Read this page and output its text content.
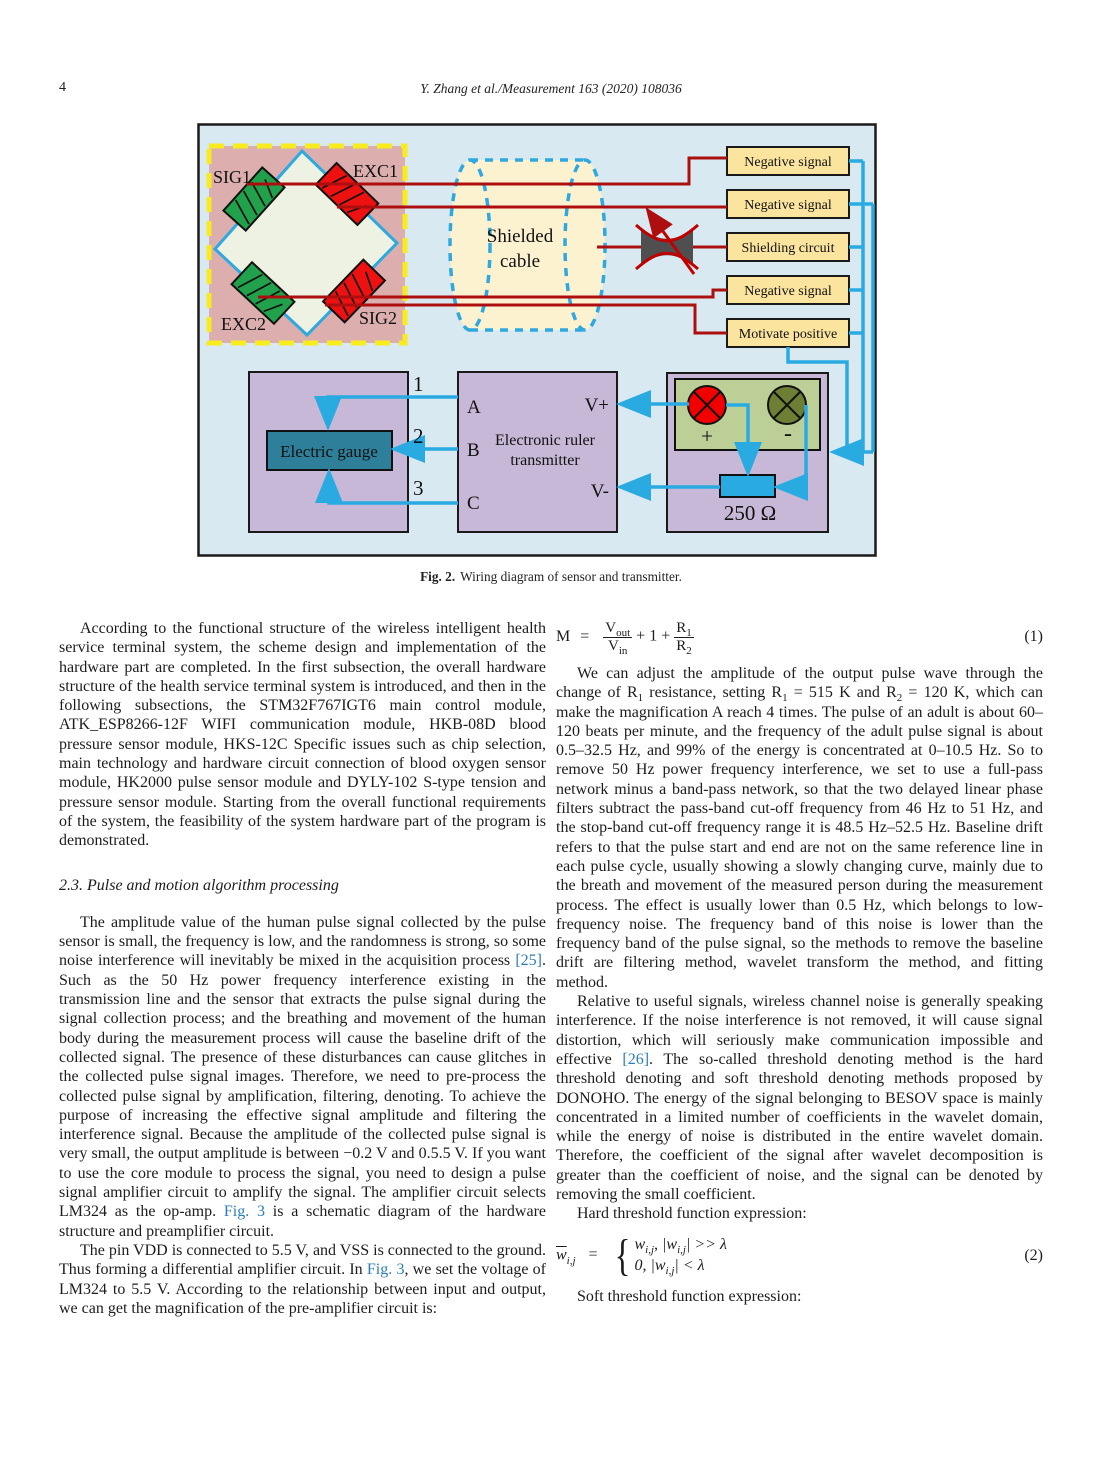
4	Y. Zhang et al./Measurement 163 (2020) 108036
SIG1	EXC1
EXC2	SIG2
Shielded
cable
Negative signal
Negative signal
Shielding circuit
Negative signal
Motivate positive
Electric gauge
1
2
3
A
B
C
V+
V-
Electronic ruler
transmitter
+	-
250 Ω
Fig. 2. Wiring diagram of sensor and transmitter.

According to the functional structure of the wireless intelligent health service terminal system, the scheme design and implementation of the hardware part are completed. In the first subsection, the overall hardware structure of the health service terminal system is introduced, and then in the following subsections, the STM32F767IGT6 main control module, ATK_ESP8266-12F WIFI communication module, HKB-08D blood pressure sensor module, HKS-12C Specific issues such as chip selection, main technology and hardware circuit connection of blood oxygen sensor module, HK2000 pulse sensor module and DYLY-102 S-type tension and pressure sensor module. Starting from the overall functional requirements of the system, the feasibility of the system hardware part of the program is demonstrated.

2.3. Pulse and motion algorithm processing

The amplitude value of the human pulse signal collected by the pulse sensor is small, the frequency is low, and the randomness is strong, so some noise interference will inevitably be mixed in the acquisition process [25]. Such as the 50 Hz power frequency interference existing in the transmission line and the sensor that extracts the pulse signal during the signal collection process; and the breathing and movement of the human body during the measurement process will cause the baseline drift of the collected signal. The presence of these disturbances can cause glitches in the collected pulse signal images. Therefore, we need to pre-process the collected pulse signal by amplification, filtering, denoting. To achieve the purpose of increasing the effective signal amplitude and filtering the interference signal. Because the amplitude of the collected pulse signal is very small, the output amplitude is between −0.2 V and 0.5.5 V. If you want to use the core module to process the signal, you need to design a pulse signal amplifier circuit to amplify the signal. The amplifier circuit selects LM324 as the op-amp. Fig. 3 is a schematic diagram of the hardware structure and preamplifier circuit.

The pin VDD is connected to 5.5 V, and VSS is connected to the ground. Thus forming a differential amplifier circuit. In Fig. 3, we set the voltage of LM324 to 5.5 V. According to the relationship between input and output, we can get the magnification of the pre-amplifier circuit is:

$M = \frac{V_{out}}{V_{in}} + 1 + \frac{R_1}{R_2}$	(1)

We can adjust the amplitude of the output pulse wave through the change of $R_1$ resistance, setting $R_1 = 515$ K and $R_2 = 120$ K, which can make the magnification A reach 4 times. The pulse of an adult is about 60–120 beats per minute, and the frequency of the adult pulse signal is about 0.5–32.5 Hz, and 99% of the energy is concentrated at 0–10.5 Hz. So to remove 50 Hz power frequency interference, we set to use a full-pass network minus a band-pass network, so that the two delayed linear phase filters subtract the pass-band cut-off frequency from 46 Hz to 51 Hz, and the stop-band cut-off frequency range it is 48.5 Hz–52.5 Hz. Baseline drift refers to that the pulse start and end are not on the same reference line in each pulse cycle, usually showing a slowly changing curve, mainly due to the breath and movement of the measured person during the measurement process. The effect is usually lower than 0.5 Hz, which belongs to low-frequency noise. The frequency band of this noise is lower than the frequency band of the pulse signal, so the methods to remove the baseline drift are filtering method, wavelet transform the method, and fitting method.

Relative to useful signals, wireless channel noise is generally speaking interference. If the noise interference is not removed, it will cause signal distortion, which will seriously make communication impossible and effective [26]. The so-called threshold denoting method is the hard threshold denoting and soft threshold denoting methods proposed by DONOHO. The energy of the signal belonging to BESOV space is mainly concentrated in a limited number of coefficients in the wavelet domain, while the energy of noise is distributed in the entire wavelet domain. Therefore, the coefficient of the signal after wavelet decomposition is greater than the coefficient of noise, and the signal can be denoted by removing the small coefficient.

Hard threshold function expression:

$\overline{w}_{i,j}$ = { $w_{i,j}$, $|w_{i,j}| >> \lambda$
0, $|w_{i,j}| < \lambda$
(2)

Soft threshold function expression:
